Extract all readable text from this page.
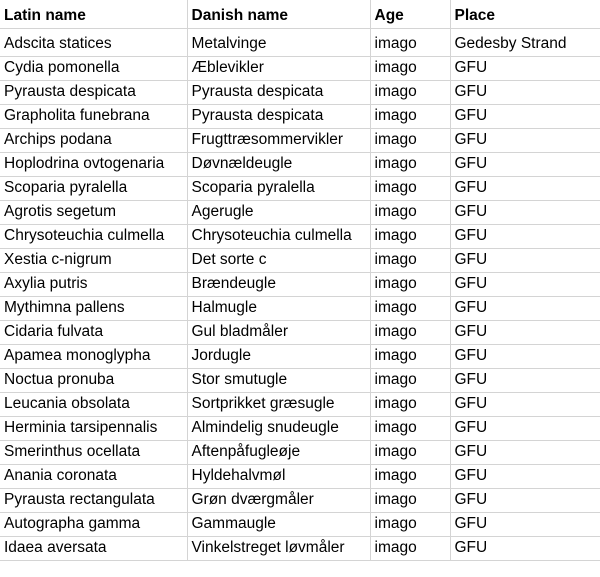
Latin name	Danish name	Age	Place
Adscita statices	Metalvinge	imago	Gedesby Strand
Cydia pomonella	Æblevikler	imago	GFU
Pyrausta despicata	Pyrausta despicata	imago	GFU
Grapholita funebrana	Pyrausta despicata	imago	GFU
Archips podana	Frugttræsommervikler	imago	GFU
Hoplodrina ovtogenaria	Døvnældeugle	imago	GFU
Scoparia pyralella	Scoparia pyralella	imago	GFU
Agrotis segetum	Agerugle	imago	GFU
Chrysoteuchia culmella	Chrysoteuchia culmella	imago	GFU
Xestia c-nigrum	Det sorte c	imago	GFU
Axylia putris	Brændeugle	imago	GFU
Mythimna pallens	Halmugle	imago	GFU
Cidaria fulvata	Gul bladmåler	imago	GFU
Apamea monoglypha	Jordugle	imago	GFU
Noctua pronuba	Stor smutugle	imago	GFU
Leucania obsolata	Sortprikket græsugle	imago	GFU
Herminia tarsipennalis	Almindelig snudeugle	imago	GFU
Smerinthus ocellata	Aftenpåfugleøje	imago	GFU
Anania coronata	Hyldehalvmøl	imago	GFU
Pyrausta rectangulata	Grøn dværgmåler	imago	GFU
Autographa gamma	Gammaugle	imago	GFU
Idaea aversata	Vinkelstreget løvmåler	imago	GFU
